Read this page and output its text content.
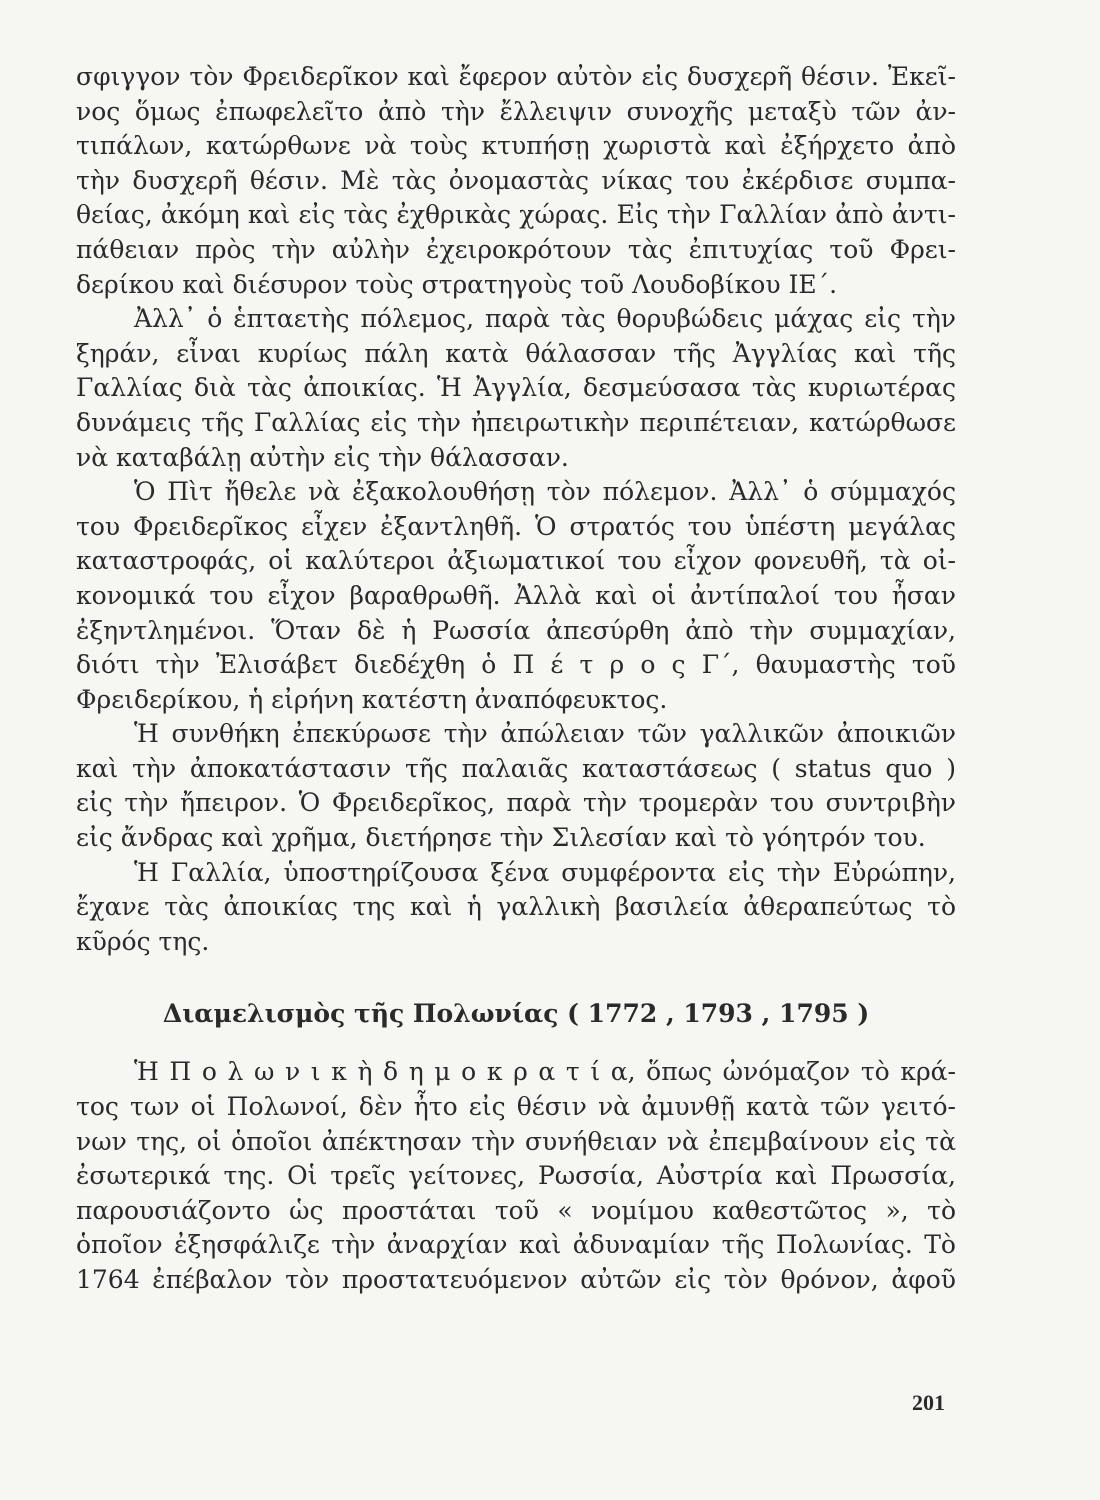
σφιγγον τὸν Φρειδερῖκον καὶ ἔφερον αὐτὸν εἰς δυσχερῆ θέσιν. Ἐκεῖ-
νος ὅμως ἐπωφελεῖτο ἀπὸ τὴν ἔλλειψιν συνοχῆς μεταξὺ τῶν ἀν-
τιπάλων, κατώρθωνε νὰ τοὺς κτυπήσῃ χωριστὰ καὶ ἐξήρχετο ἀπὸ
τὴν δυσχερῆ θέσιν. Μὲ τὰς ὀνομαστὰς νίκας του ἐκέρδισε συμπα-
θείας, ἀκόμη καὶ εἰς τὰς ἐχθρικὰς χώρας. Εἰς τὴν Γαλλίαν ἀπὸ ἀντι-
πάθειαν πρὸς τὴν αὐλὴν ἐχειροκρότουν τὰς ἐπιτυχίας τοῦ Φρει-
δερίκου καὶ διέσυρον τοὺς στρατηγοὺς τοῦ Λουδοβίκου ΙΕ΄.
Ἀλλ᾿ ὁ ἑπταετὴς πόλεμος, παρὰ τὰς θορυβώδεις μάχας εἰς τὴν
ξηράν, εἶναι κυρίως πάλη κατὰ θάλασσαν τῆς Ἀγγλίας καὶ τῆς
Γαλλίας διὰ τὰς ἀποικίας. Ἡ Ἀγγλία, δεσμεύσασα τὰς κυριωτέρας
δυνάμεις τῆς Γαλλίας εἰς τὴν ἠπειρωτικὴν περιπέτειαν, κατώρθωσε
νὰ καταβάλῃ αὐτὴν εἰς τὴν θάλασσαν.
Ὁ Πὶτ ἤθελε νὰ ἐξακολουθήσῃ τὸν πόλεμον. Ἀλλ᾿ ὁ σύμμαχός
του Φρειδερῖκος εἶχεν ἐξαντληθῆ. Ὁ στρατός του ὑπέστη μεγάλας
καταστροφάς, οἱ καλύτεροι ἀξιωματικοί του εἶχον φονευθῆ, τὰ οἰ-
κονομικά του εἶχον βαραθρωθῆ. Ἀλλὰ καὶ οἱ ἀντίπαλοί του ἦσαν
ἐξηντλημένοι. Ὅταν δὲ ἡ Ρωσσία ἀπεσύρθη ἀπὸ τὴν συμμαχίαν,
διότι τὴν Ἐλισάβετ διεδέχθη ὁ Π έ τ ρ ο ς Γ΄, θαυμαστὴς τοῦ
Φρειδερίκου, ἡ εἰρήνη κατέστη ἀναπόφευκτος.
Ἡ συνθήκη ἐπεκύρωσε τὴν ἀπώλειαν τῶν γαλλικῶν ἀποικιῶν
καὶ τὴν ἀποκατάστασιν τῆς παλαιᾶς καταστάσεως ( status quo )
εἰς τὴν ἤπειρον. Ὁ Φρειδερῖκος, παρὰ τὴν τρομερὰν του συντριβὴν
εἰς ἄνδρας καὶ χρῆμα, διετήρησε τὴν Σιλεσίαν καὶ τὸ γόητρόν του.
Ἡ Γαλλία, ὑποστηρίζουσα ξένα συμφέροντα εἰς τὴν Εὐρώπην,
ἔχανε τὰς ἀποικίας της καὶ ἡ γαλλικὴ βασιλεία ἀθεραπεύτως τὸ
κῦρός της.
Διαμελισμὸς τῆς Πολωνίας ( 1772 , 1793 , 1795 )
Ἡ Π ο λ ω ν ι κ ὴ δ η μ ο κ ρ α τ ί α, ὅπως ὠνόμαζον τὸ κρά-
τος των οἱ Πολωνοί, δὲν ἦτο εἰς θέσιν νὰ ἀμυνθῇ κατὰ τῶν γειτό-
νων της, οἱ ὁποῖοι ἀπέκτησαν τὴν συνήθειαν νὰ ἐπεμβαίνουν εἰς τὰ
ἐσωτερικά της. Οἱ τρεῖς γείτονες, Ρωσσία, Αὐστρία καὶ Πρωσσία,
παρουσιάζοντο ὡς προστάται τοῦ « νομίμου καθεστῶτος », τὸ
ὁποῖον ἐξησφάλιζε τὴν ἀναρχίαν καὶ ἀδυναμίαν τῆς Πολωνίας. Τὸ
1764 ἐπέβαλον τὸν προστατευόμενον αὐτῶν εἰς τὸν θρόνον, ἀφοῦ
201
